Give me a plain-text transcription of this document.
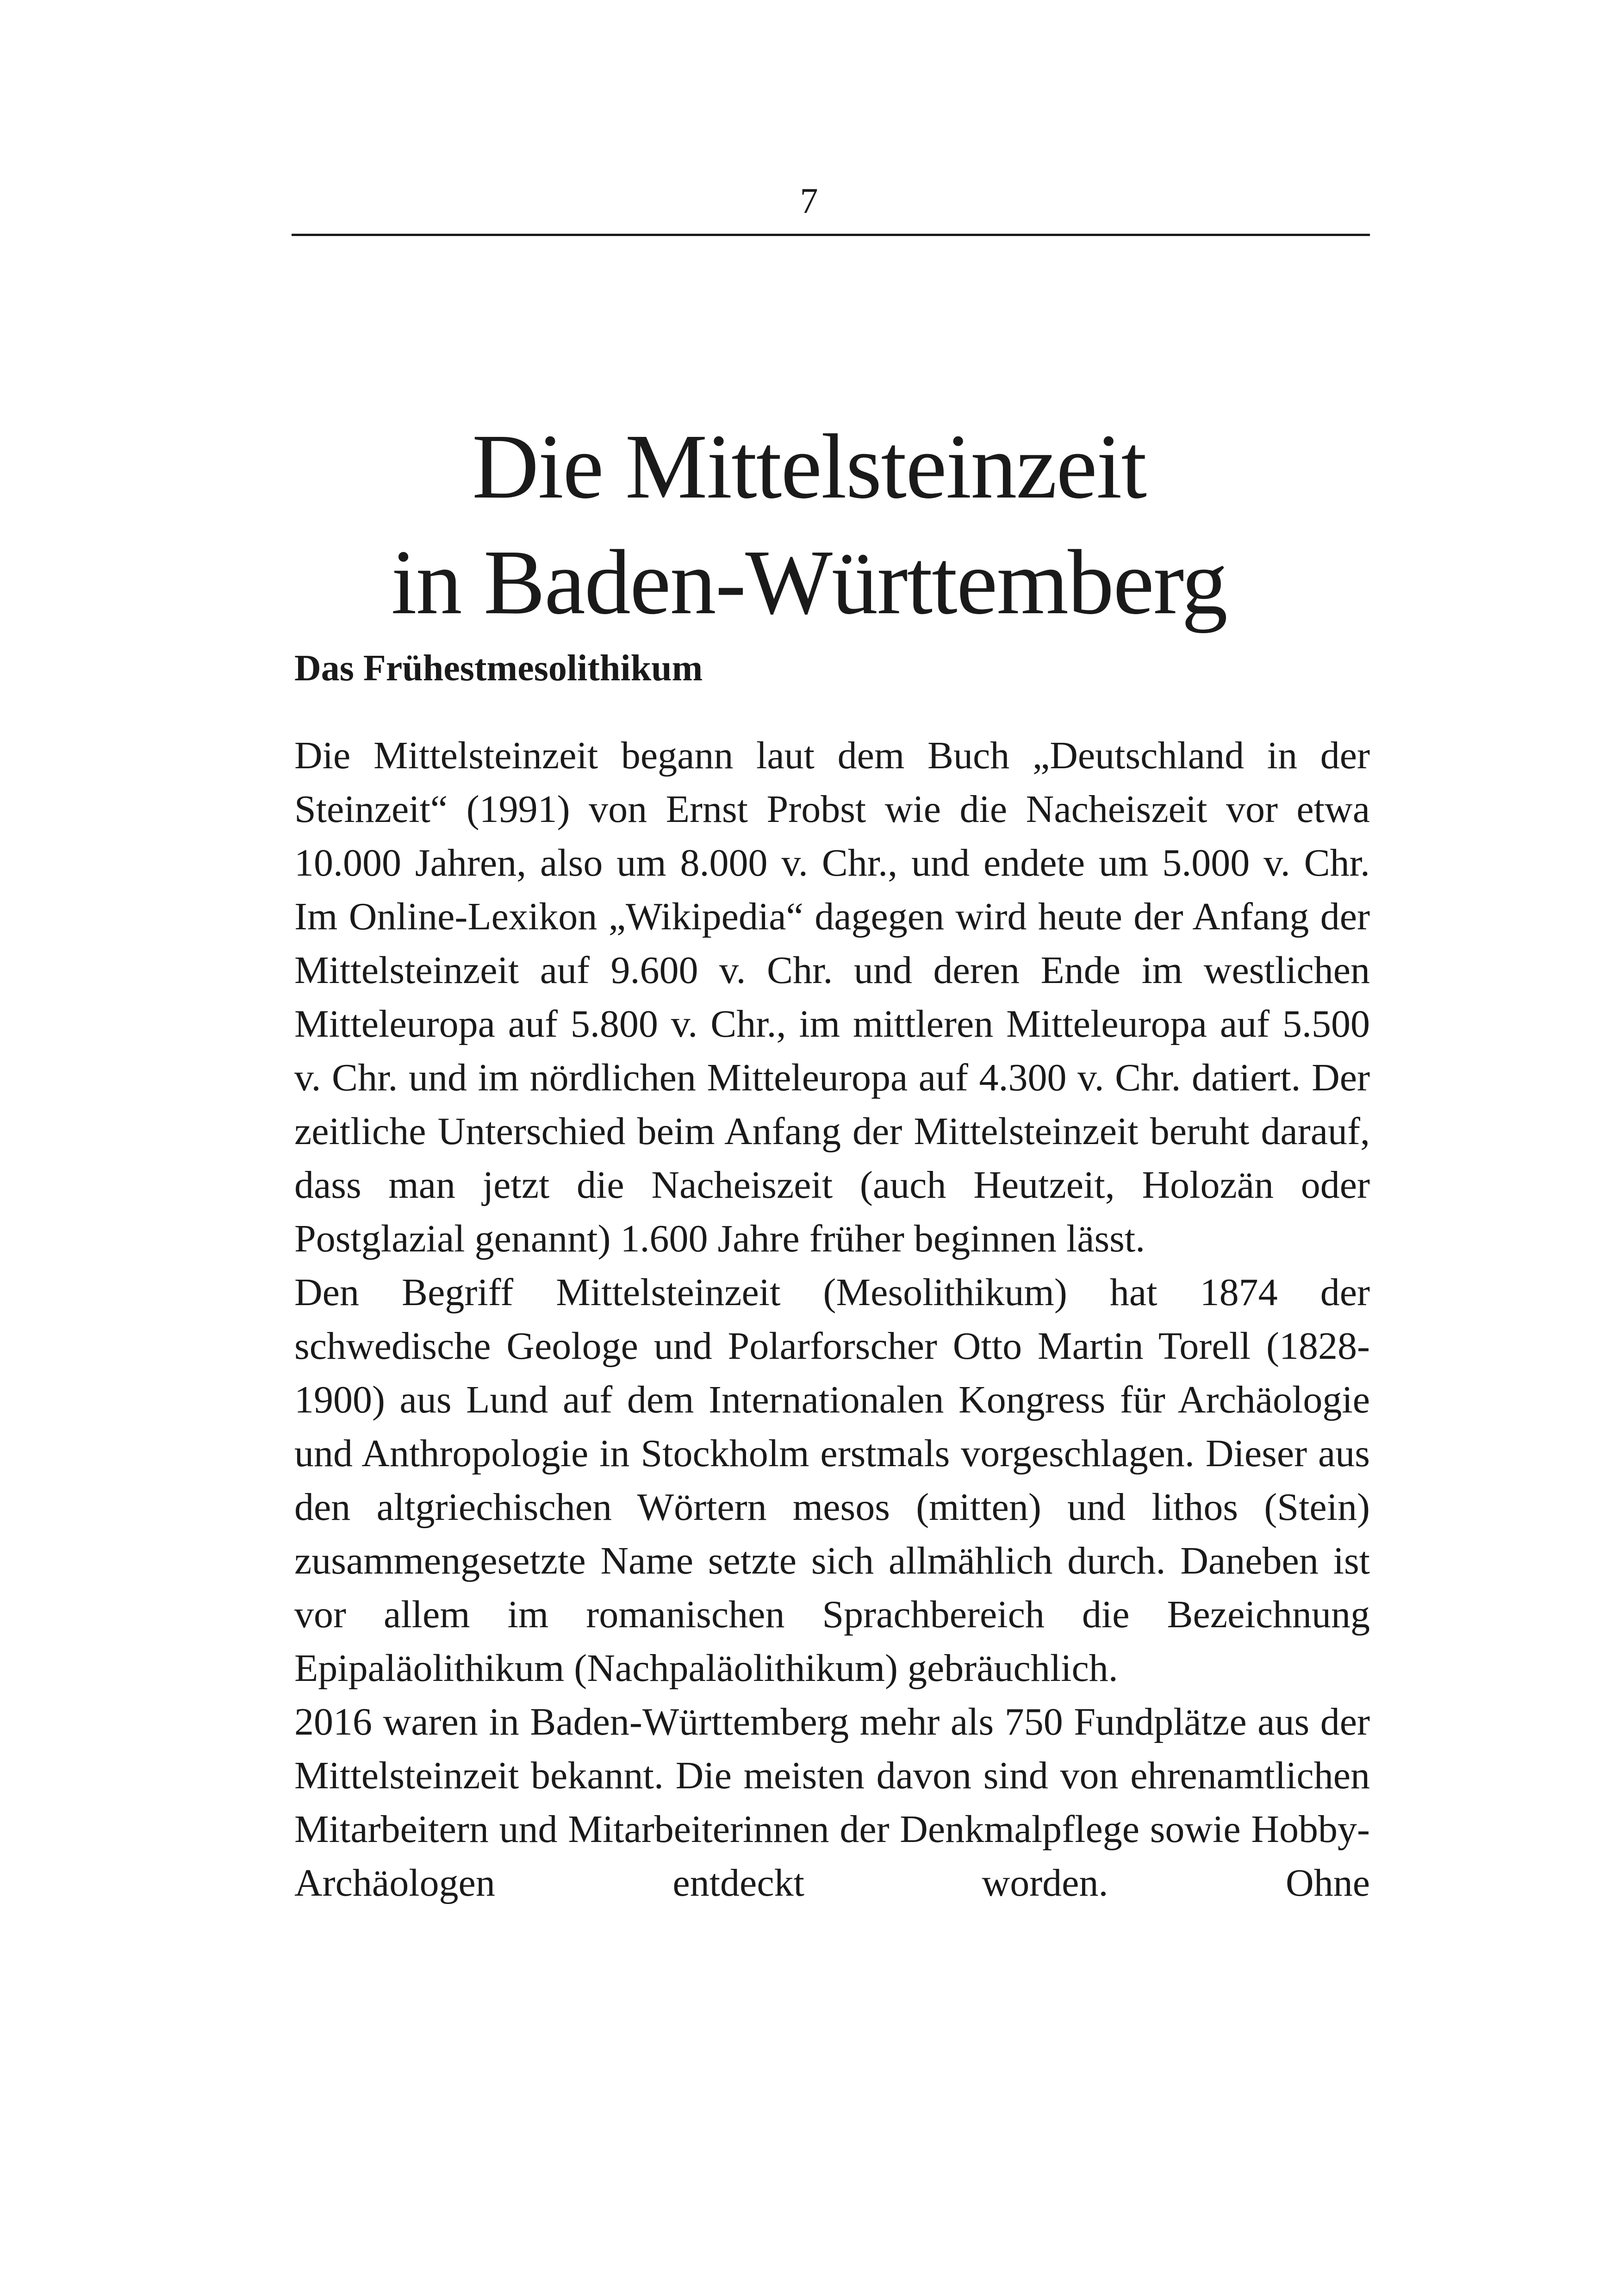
7
Die Mittelsteinzeit
in Baden-Württemberg
Das Frühestmesolithikum

Die Mittelsteinzeit begann laut dem Buch „Deutschland in der Steinzeit“ (1991) von Ernst Probst wie die Nacheiszeit vor etwa 10.000 Jahren, also um 8.000 v. Chr., und endete um 5.000 v. Chr. Im Online-Lexikon „Wikipedia“ dagegen wird heute der Anfang der Mittelsteinzeit auf 9.600 v. Chr. und deren Ende im westlichen Mitteleuropa auf 5.800 v. Chr., im mittleren Mitteleuropa auf 5.500 v. Chr. und im nördlichen Mitteleuropa auf 4.300 v. Chr. datiert. Der zeitliche Unterschied beim Anfang der Mittelsteinzeit beruht darauf, dass man jetzt die Nacheiszeit (auch Heutzeit, Holozän oder Postglazial genannt) 1.600 Jahre früher beginnen lässt.

Den Begriff Mittelsteinzeit (Mesolithikum) hat 1874 der schwedische Geologe und Polarforscher Otto Martin Torell (1828-1900) aus Lund auf dem Internationalen Kongress für Archäologie und Anthropologie in Stockholm erstmals vorgeschlagen. Dieser aus den altgriechischen Wörtern mesos (mitten) und lithos (Stein) zusammengesetzte Name setzte sich allmählich durch. Daneben ist vor allem im romanischen Sprachbereich die Bezeichnung Epipaläolithikum (Nachpaläolithikum) gebräuchlich.

2016 waren in Baden-Württemberg mehr als 750 Fundplätze aus der Mittelsteinzeit bekannt. Die meisten davon sind von ehrenamtlichen Mitarbeitern und Mitarbeiterinnen der Denkmalpflege sowie Hobby-Archäologen entdeckt worden. Ohne
